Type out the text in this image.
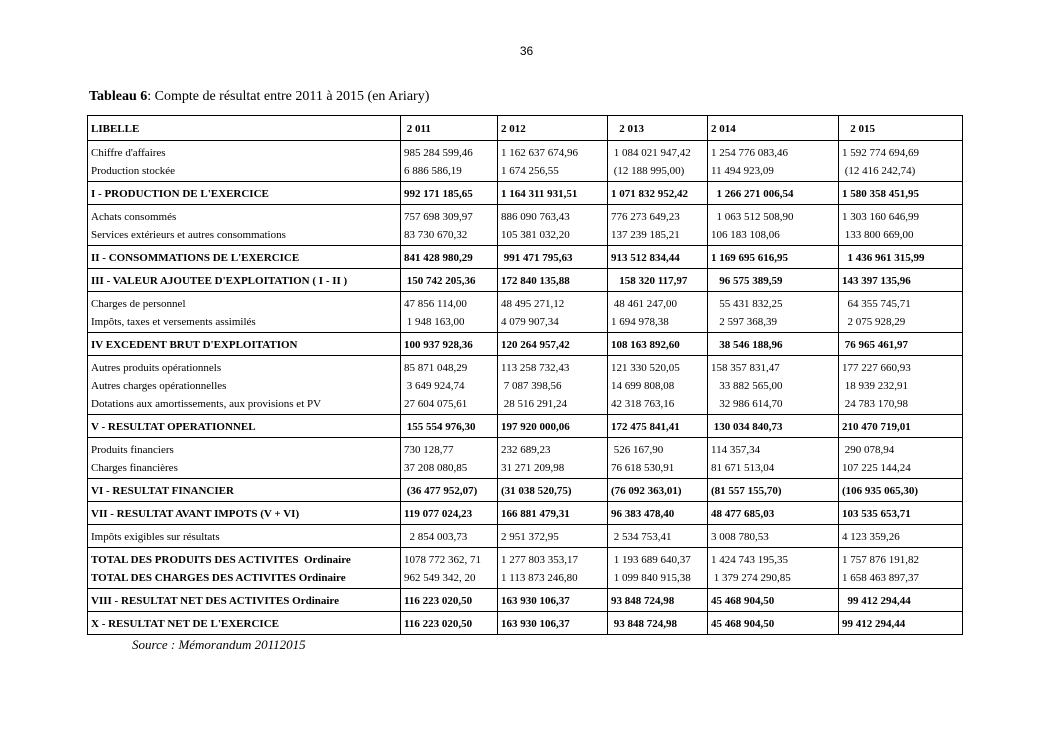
36
Tableau 6: Compte de résultat entre 2011 à 2015 (en Ariary)
LIBELLE	2 011	2 012	2 013	2 014	2 015
Chiffre d'affaires	985 284 599,46	1 162 637 674,96	1 084 021 947,42	1 254 776 083,46	1 592 774 694,69
Production stockée	6 886 586,19	1 674 256,55	(12 188 995,00)	11 494 923,09	(12 416 242,74)
I - PRODUCTION DE L'EXERCICE	992 171 185,65	1 164 311 931,51	1 071 832 952,42	1 266 271 006,54	1 580 358 451,95
Achats consommés	757 698 309,97	886 090 763,43	776 273 649,23	1 063 512 508,90	1 303 160 646,99
Services extérieurs et autres consommations	83 730 670,32	105 381 032,20	137 239 185,21	106 183 108,06	133 800 669,00
II - CONSOMMATIONS DE L'EXERCICE	841 428 980,29	991 471 795,63	913 512 834,44	1 169 695 616,95	1 436 961 315,99
III - VALEUR AJOUTEE D'EXPLOITATION ( I - II )	150 742 205,36	172 840 135,88	158 320 117,97	96 575 389,59	143 397 135,96
Charges de personnel	47 856 114,00	48 495 271,12	48 461 247,00	55 431 832,25	64 355 745,71
Impôts, taxes et versements assimilés	1 948 163,00	4 079 907,34	1 694 978,38	2 597 368,39	2 075 928,29
IV EXCEDENT BRUT D'EXPLOITATION	100 937 928,36	120 264 957,42	108 163 892,60	38 546 188,96	76 965 461,97
Autres produits opérationnels	85 871 048,29	113 258 732,43	121 330 520,05	158 357 831,47	177 227 660,93
Autres charges opérationnelles	3 649 924,74	7 087 398,56	14 699 808,08	33 882 565,00	18 939 232,91
Dotations aux amortissements, aux provisions et PV	27 604 075,61	28 516 291,24	42 318 763,16	32 986 614,70	24 783 170,98
V - RESULTAT OPERATIONNEL	155 554 976,30	197 920 000,06	172 475 841,41	130 034 840,73	210 470 719,01
Produits financiers	730 128,77	232 689,23	526 167,90	114 357,34	290 078,94
Charges financières	37 208 080,85	31 271 209,98	76 618 530,91	81 671 513,04	107 225 144,24
VI - RESULTAT FINANCIER	(36 477 952,07)	(31 038 520,75)	(76 092 363,01)	(81 557 155,70)	(106 935 065,30)
VII - RESULTAT AVANT IMPOTS (V + VI)	119 077 024,23	166 881 479,31	96 383 478,40	48 477 685,03	103 535 653,71
Impôts exigibles sur résultats	2 854 003,73	2 951 372,95	2 534 753,41	3 008 780,53	4 123 359,26
TOTAL DES PRODUITS DES ACTIVITES  Ordinaire	1078 772 362, 71	1 277 803 353,17	1 193 689 640,37	1 424 743 195,35	1 757 876 191,82
TOTAL DES CHARGES DES ACTIVITES Ordinaire	962 549 342, 20	1 113 873 246,80	1 099 840 915,38	1 379 274 290,85	1 658 463 897,37
VIII - RESULTAT NET DES ACTIVITES Ordinaire	116 223 020,50	163 930 106,37	93 848 724,98	45 468 904,50	99 412 294,44
X - RESULTAT NET DE L'EXERCICE	116 223 020,50	163 930 106,37	93 848 724,98	45 468 904,50	99 412 294,44
Source : Mémorandum 20112015
